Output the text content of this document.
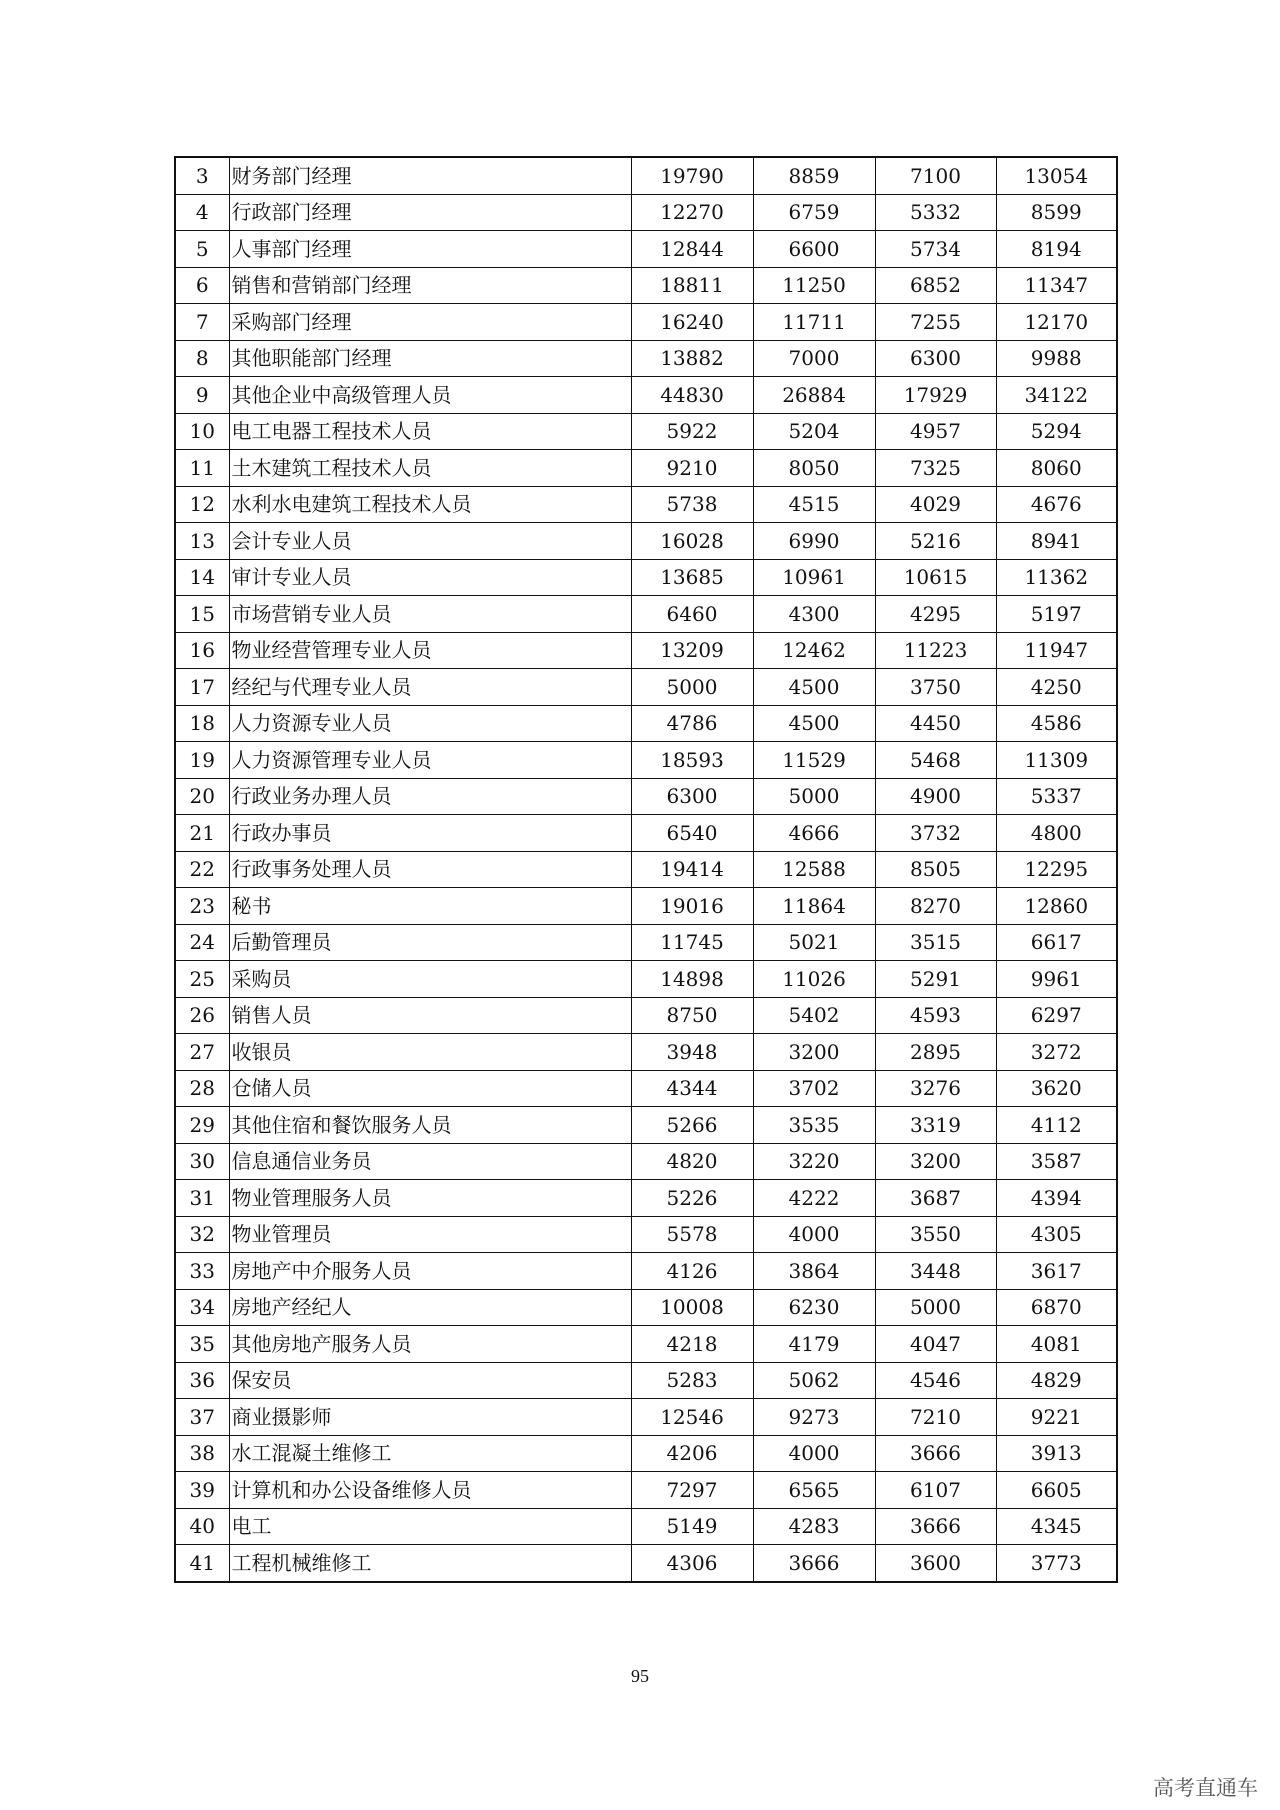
3	财务部门经理	19790	8859	7100	13054
4	行政部门经理	12270	6759	5332	8599
5	人事部门经理	12844	6600	5734	8194
6	销售和营销部门经理	18811	11250	6852	11347
7	采购部门经理	16240	11711	7255	12170
8	其他职能部门经理	13882	7000	6300	9988
9	其他企业中高级管理人员	44830	26884	17929	34122
10	电工电器工程技术人员	5922	5204	4957	5294
11	土木建筑工程技术人员	9210	8050	7325	8060
12	水利水电建筑工程技术人员	5738	4515	4029	4676
13	会计专业人员	16028	6990	5216	8941
14	审计专业人员	13685	10961	10615	11362
15	市场营销专业人员	6460	4300	4295	5197
16	物业经营管理专业人员	13209	12462	11223	11947
17	经纪与代理专业人员	5000	4500	3750	4250
18	人力资源专业人员	4786	4500	4450	4586
19	人力资源管理专业人员	18593	11529	5468	11309
20	行政业务办理人员	6300	5000	4900	5337
21	行政办事员	6540	4666	3732	4800
22	行政事务处理人员	19414	12588	8505	12295
23	秘书	19016	11864	8270	12860
24	后勤管理员	11745	5021	3515	6617
25	采购员	14898	11026	5291	9961
26	销售人员	8750	5402	4593	6297
27	收银员	3948	3200	2895	3272
28	仓储人员	4344	3702	3276	3620
29	其他住宿和餐饮服务人员	5266	3535	3319	4112
30	信息通信业务员	4820	3220	3200	3587
31	物业管理服务人员	5226	4222	3687	4394
32	物业管理员	5578	4000	3550	4305
33	房地产中介服务人员	4126	3864	3448	3617
34	房地产经纪人	10008	6230	5000	6870
35	其他房地产服务人员	4218	4179	4047	4081
36	保安员	5283	5062	4546	4829
37	商业摄影师	12546	9273	7210	9221
38	水工混凝土维修工	4206	4000	3666	3913
39	计算机和办公设备维修人员	7297	6565	6107	6605
40	电工	5149	4283	3666	4345
41	工程机械维修工	4306	3666	3600	3773
95
高考直通车
